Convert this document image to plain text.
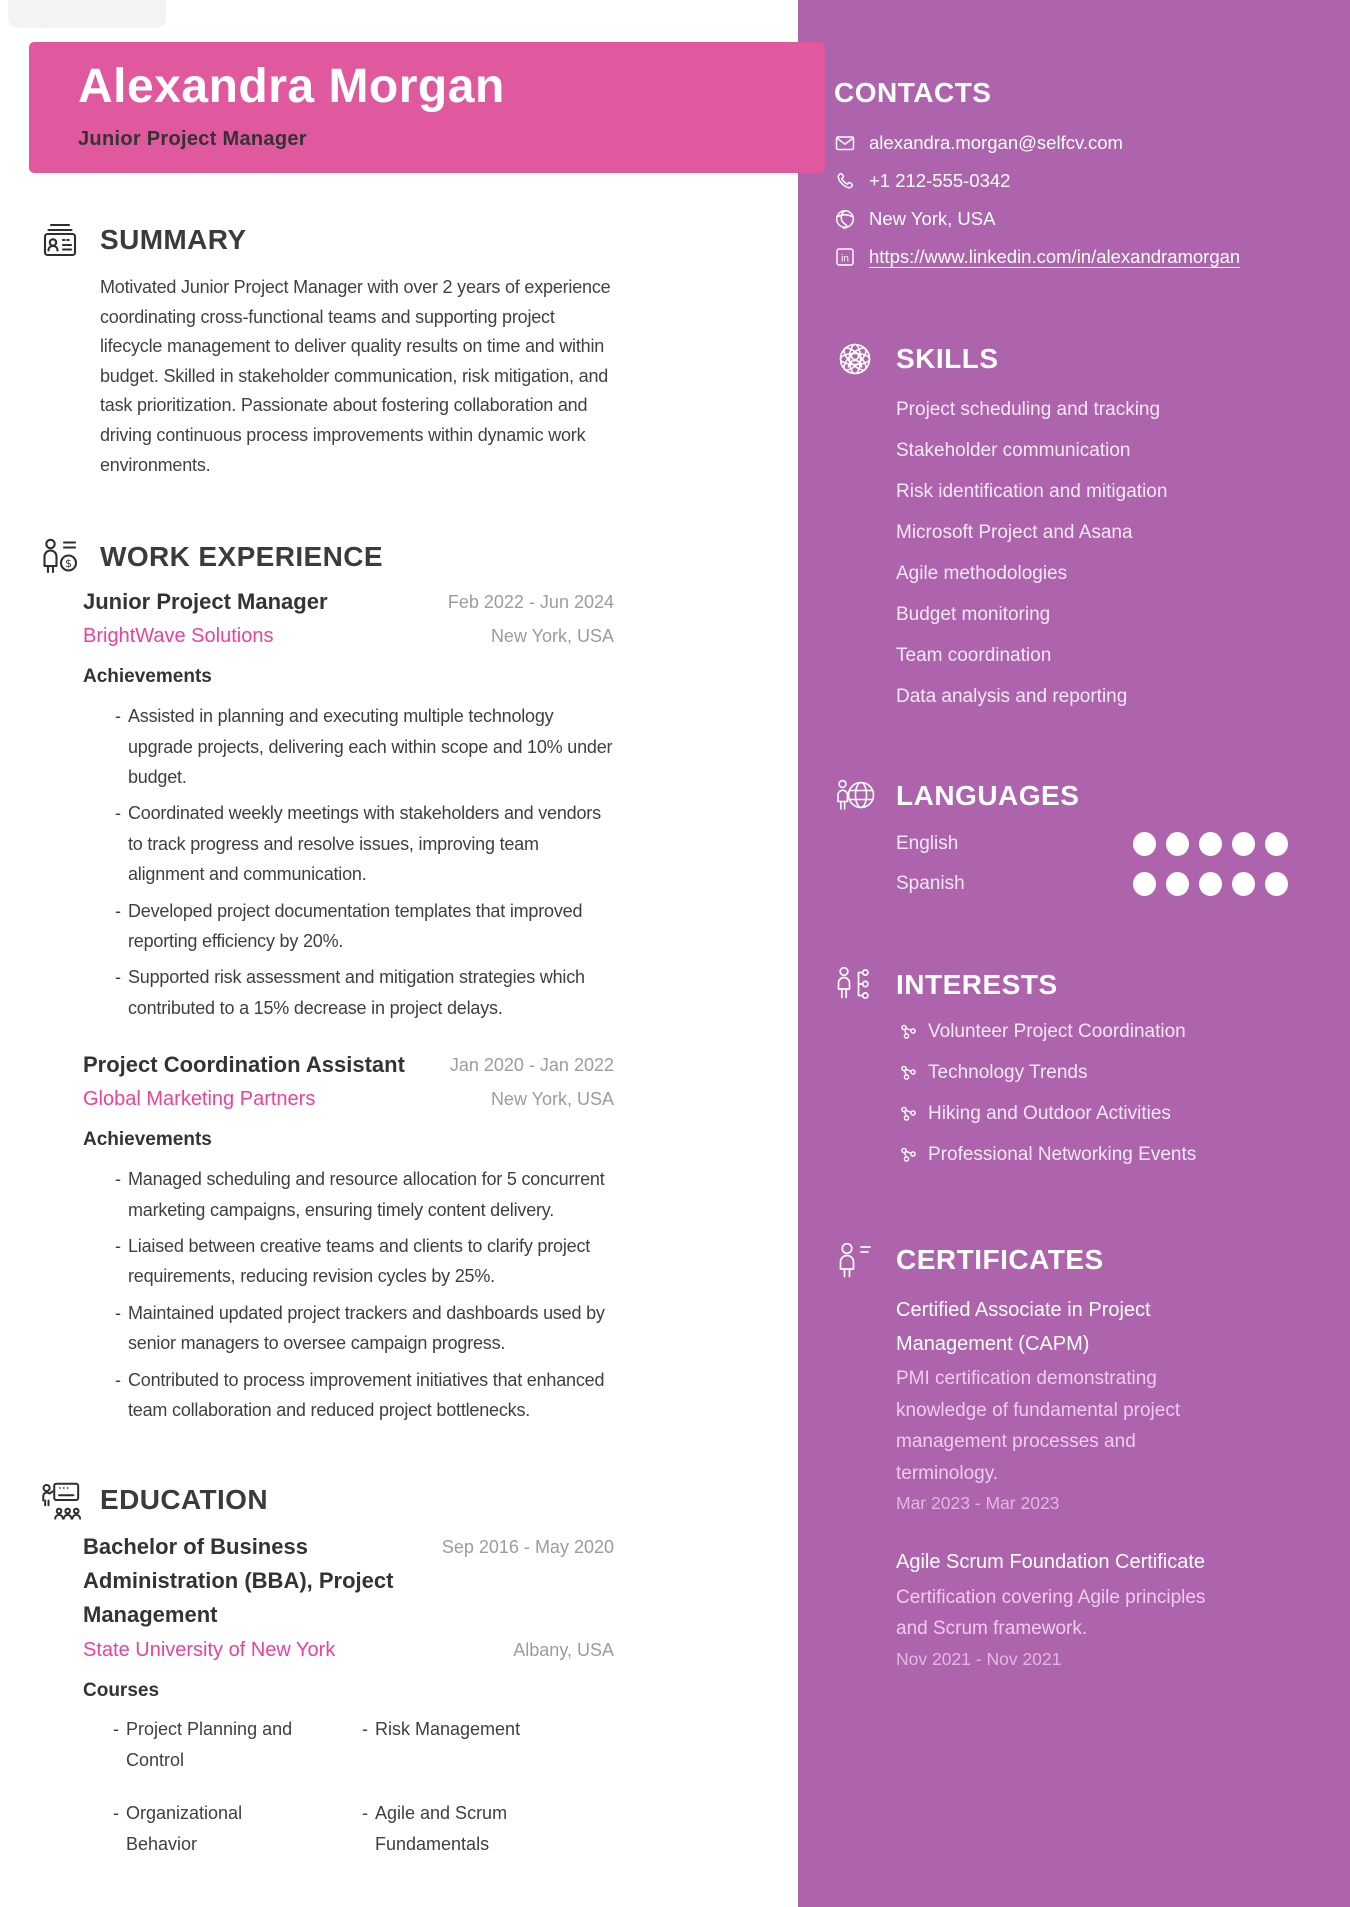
CONTACTS
alexandra.morgan@selfcv.com
+1 212-555-0342
New York, USA
in https://www.linkedin.com/in/alexandramorgan
SKILLS
Project scheduling and tracking
Stakeholder communication
Risk identification and mitigation
Microsoft Project and Asana
Agile methodologies
Budget monitoring
Team coordination
Data analysis and reporting
LANGUAGES
English
Spanish
INTERESTS
Volunteer Project Coordination
Technology Trends
Hiking and Outdoor Activities
Professional Networking Events
CERTIFICATES
Certified Associate in Project Management (CAPM)
PMI certification demonstrating knowledge of fundamental project management processes and terminology.
Mar 2023 - Mar 2023
Agile Scrum Foundation Certificate
Certification covering Agile principles and Scrum framework.
Nov 2021 - Nov 2021
Alexandra Morgan
Junior Project Manager
SUMMARY

Motivated Junior Project Manager with over 2 years of experience coordinating cross-functional teams and supporting project lifecycle management to deliver quality results on time and within budget. Skilled in stakeholder communication, risk mitigation, and task prioritization. Passionate about fostering collaboration and driving continuous process improvements within dynamic work environments.

$ WORK EXPERIENCE
Junior Project Manager	Feb 2022 - Jun 2024
BrightWave Solutions	New York, USA
Achievements
- Assisted in planning and executing multiple technology upgrade projects, delivering each within scope and 10% under budget.
- Coordinated weekly meetings with stakeholders and vendors to track progress and resolve issues, improving team alignment and communication.
- Developed project documentation templates that improved reporting efficiency by 20%.
- Supported risk assessment and mitigation strategies which contributed to a 15% decrease in project delays.
Project Coordination Assistant Jan 2020 - Jan 2022
Global Marketing Partners	New York, USA
Achievements
- Managed scheduling and resource allocation for 5 concurrent marketing campaigns, ensuring timely content delivery.
- Liaised between creative teams and clients to clarify project requirements, reducing revision cycles by 25%.
- Maintained updated project trackers and dashboards used by senior managers to oversee campaign progress.
- Contributed to process improvement initiatives that enhanced team collaboration and reduced project bottlenecks.
EDUCATION
Bachelor of Business Administration (BBA), Project Management
Sep 2016 - May 2020
State University of New York	Albany, USA
Courses
- Project Planning and Control
- Risk Management
- Organizational Behavior
- Agile and Scrum Fundamentals
